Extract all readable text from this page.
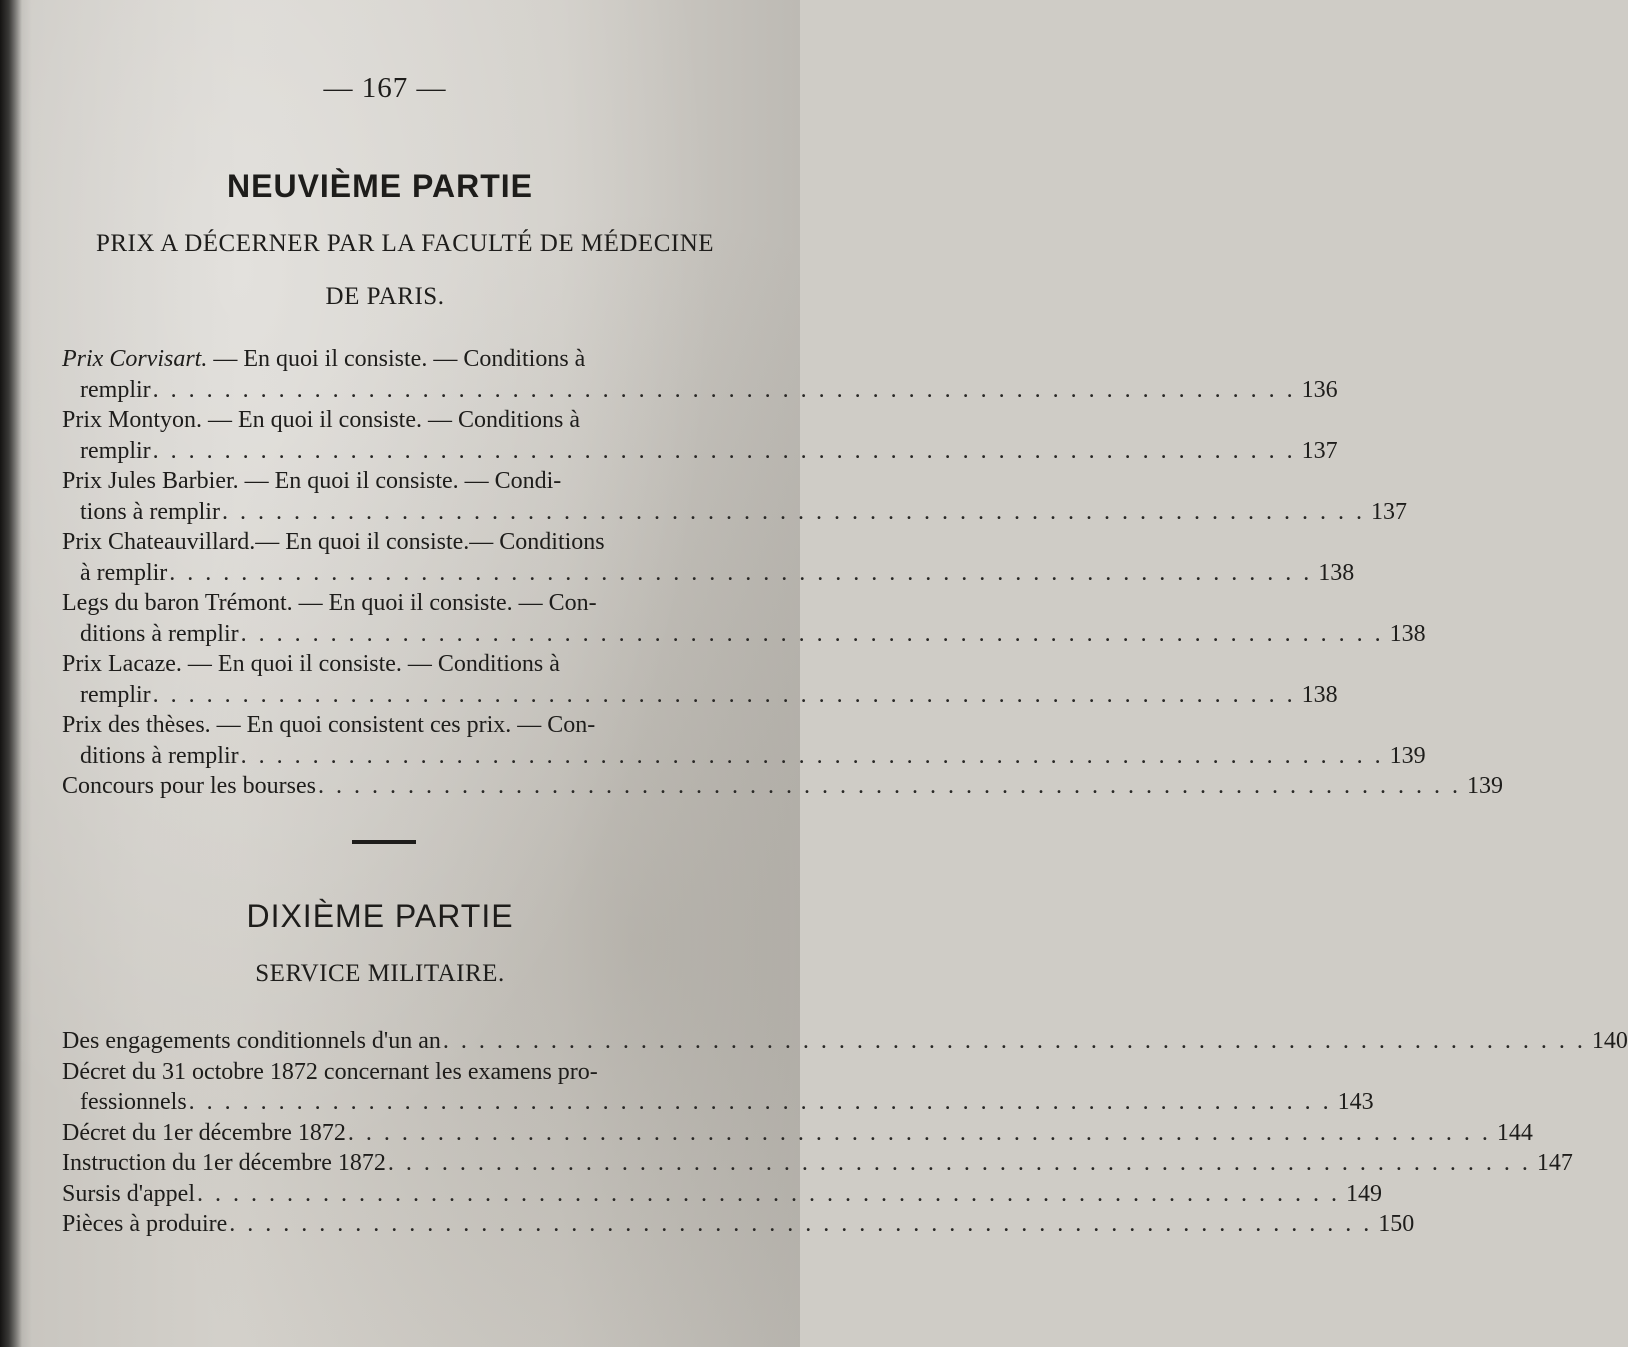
— 167 —
NEUVIÈME PARTIE
PRIX A DÉCERNER PAR LA FACULTÉ DE MÉDECINE
DE PARIS.
Prix Corvisart. — En quoi il consiste. — Conditions à
remplir . . . . . . . . . . . . . . . . . . . . . . . . . . . . . . . . . . . . . . . . . . . . . . . . . . . . . . . . . . . . . . . . 136
Prix Montyon. — En quoi il consiste. — Conditions à
remplir . . . . . . . . . . . . . . . . . . . . . . . . . . . . . . . . . . . . . . . . . . . . . . . . . . . . . . . . . . . . . . . . 137
Prix Jules Barbier. — En quoi il consiste. — Condi-
tions à remplir . . . . . . . . . . . . . . . . . . . . . . . . . . . . . . . . . . . . . . . . . . . . . . . . . . . . . . . . . . . . . . . . 137
Prix Chateauvillard.— En quoi il consiste.— Conditions
à remplir . . . . . . . . . . . . . . . . . . . . . . . . . . . . . . . . . . . . . . . . . . . . . . . . . . . . . . . . . . . . . . . . 138
Legs du baron Trémont. — En quoi il consiste. — Con-
ditions à remplir . . . . . . . . . . . . . . . . . . . . . . . . . . . . . . . . . . . . . . . . . . . . . . . . . . . . . . . . . . . . . . . . 138
Prix Lacaze. — En quoi il consiste. — Conditions à
remplir . . . . . . . . . . . . . . . . . . . . . . . . . . . . . . . . . . . . . . . . . . . . . . . . . . . . . . . . . . . . . . . . 138
Prix des thèses. — En quoi consistent ces prix. — Con-
ditions à remplir . . . . . . . . . . . . . . . . . . . . . . . . . . . . . . . . . . . . . . . . . . . . . . . . . . . . . . . . . . . . . . . . 139
Concours pour les bourses . . . . . . . . . . . . . . . . . . . . . . . . . . . . . . . . . . . . . . . . . . . . . . . . . . . . . . . . . . . . . . . . 139
DIXIÈME PARTIE
SERVICE MILITAIRE.
Des engagements conditionnels d'un an . . . . . . . . . . . . . . . . . . . . . . . . . . . . . . . . . . . . . . . . . . . . . . . . . . . . . . . . . . . . . . . . 140
Décret du 31 octobre 1872 concernant les examens pro-
fessionnels . . . . . . . . . . . . . . . . . . . . . . . . . . . . . . . . . . . . . . . . . . . . . . . . . . . . . . . . . . . . . . . . 143
Décret du 1er décembre 1872 . . . . . . . . . . . . . . . . . . . . . . . . . . . . . . . . . . . . . . . . . . . . . . . . . . . . . . . . . . . . . . . . 144
Instruction du 1er décembre 1872 . . . . . . . . . . . . . . . . . . . . . . . . . . . . . . . . . . . . . . . . . . . . . . . . . . . . . . . . . . . . . . . . 147
Sursis d'appel . . . . . . . . . . . . . . . . . . . . . . . . . . . . . . . . . . . . . . . . . . . . . . . . . . . . . . . . . . . . . . . . 149
Pièces à produire . . . . . . . . . . . . . . . . . . . . . . . . . . . . . . . . . . . . . . . . . . . . . . . . . . . . . . . . . . . . . . . . 150
